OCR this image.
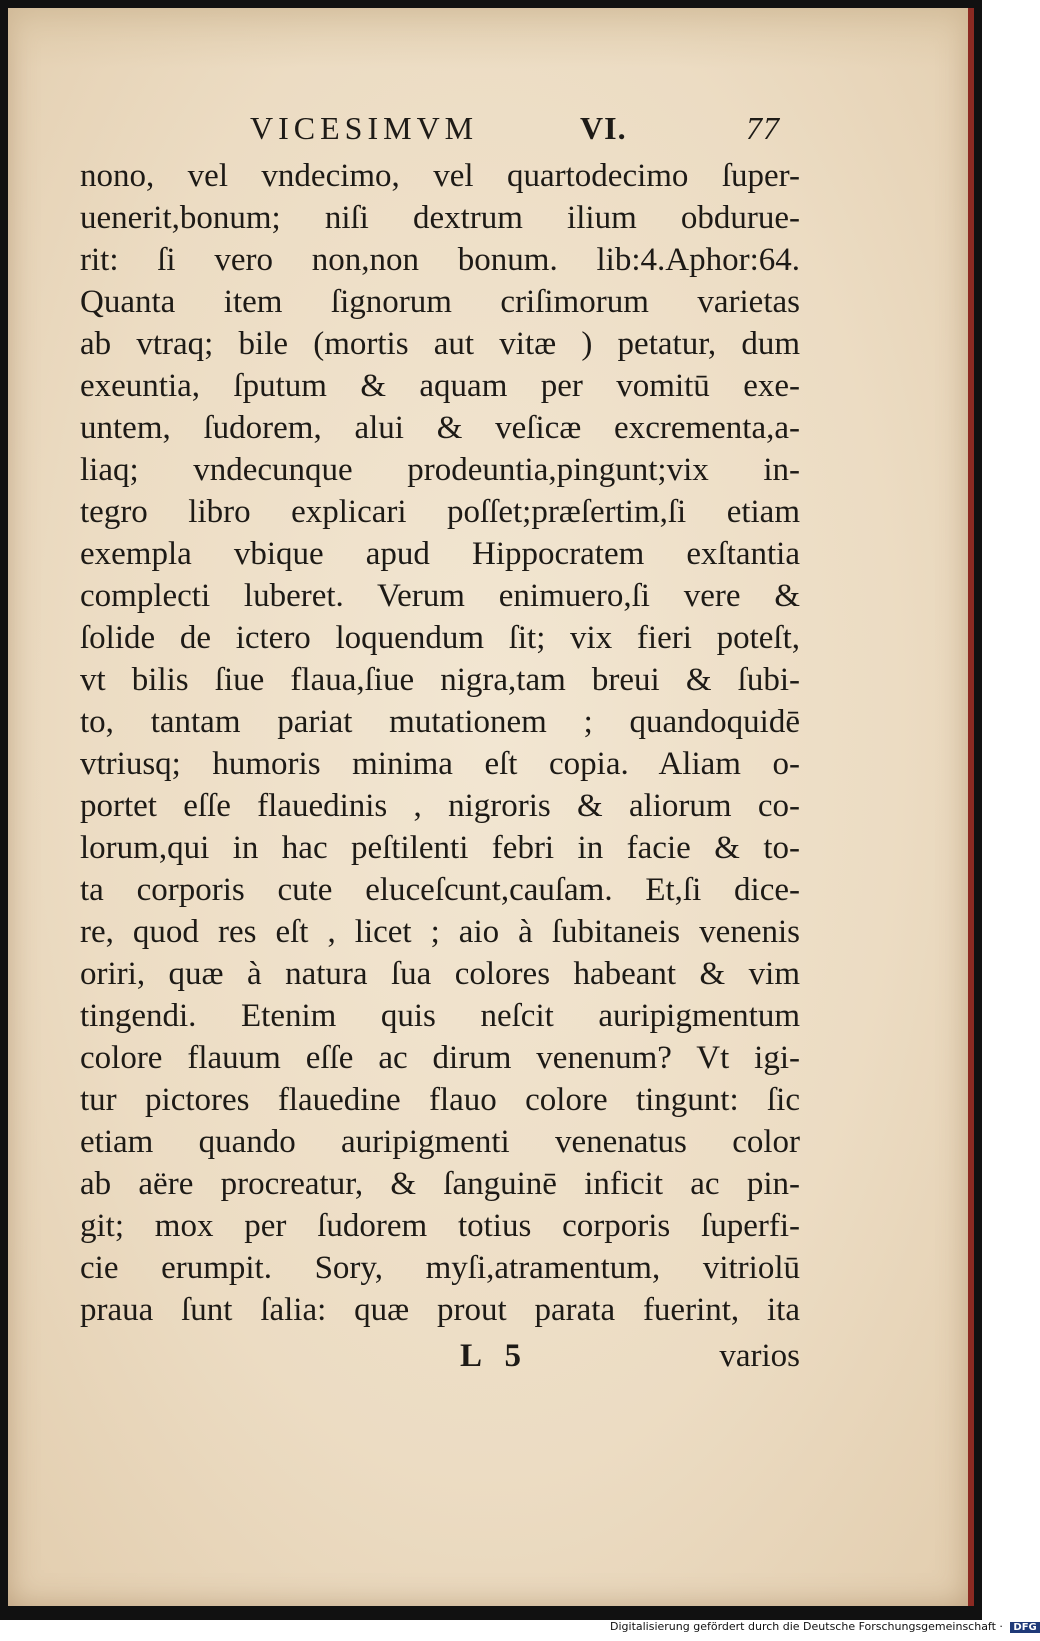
VICESIMVM	VI.	77
nono, vel vndecimo, vel quartodecimo ſuper-
uenerit,bonum; niſi dextrum ilium obdurue-
rit: ſi vero non,non bonum. lib:4.Aphor:64.
Quanta item ſignorum criſimorum varietas
ab vtraq; bile (mortis aut vitæ ) petatur, dum
exeuntia, ſputum & aquam per vomitū exe-
untem, ſudorem, alui & veſicæ excrementa,a-
liaq; vndecunque prodeuntia,pingunt;vix in-
tegro libro explicari poſſet;præſertim,ſi etiam
exempla vbique apud Hippocratem exſtantia
complecti luberet. Verum enimuero,ſi vere &
ſolide de ictero loquendum ſit; vix fieri poteſt,
vt bilis ſiue flaua,ſiue nigra,tam breui & ſubi-
to, tantam pariat mutationem ; quandoquidē
vtriusq; humoris minima eſt copia. Aliam o-
portet eſſe flauedinis , nigroris & aliorum co-
lorum,qui in hac peſtilenti febri in facie & to-
ta corporis cute eluceſcunt,cauſam. Et,ſi dice-
re, quod res eſt , licet ; aio à ſubitaneis venenis
oriri, quæ à natura ſua colores habeant & vim
tingendi. Etenim quis neſcit auripigmentum
colore flauum eſſe ac dirum venenum? Vt igi-
tur pictores flauedine flauo colore tingunt: ſic
etiam quando auripigmenti venenatus color
ab aëre procreatur, & ſanguinē inficit ac pin-
git; mox per ſudorem totius corporis ſuperfi-
cie erumpit. Sory, myſi,atramentum, vitriolū
praua ſunt ſalia: quæ prout parata fuerint, ita
L 5	varios
Digitalisierung gefördert durch die Deutsche Forschungsgemeinschaft · DFG
